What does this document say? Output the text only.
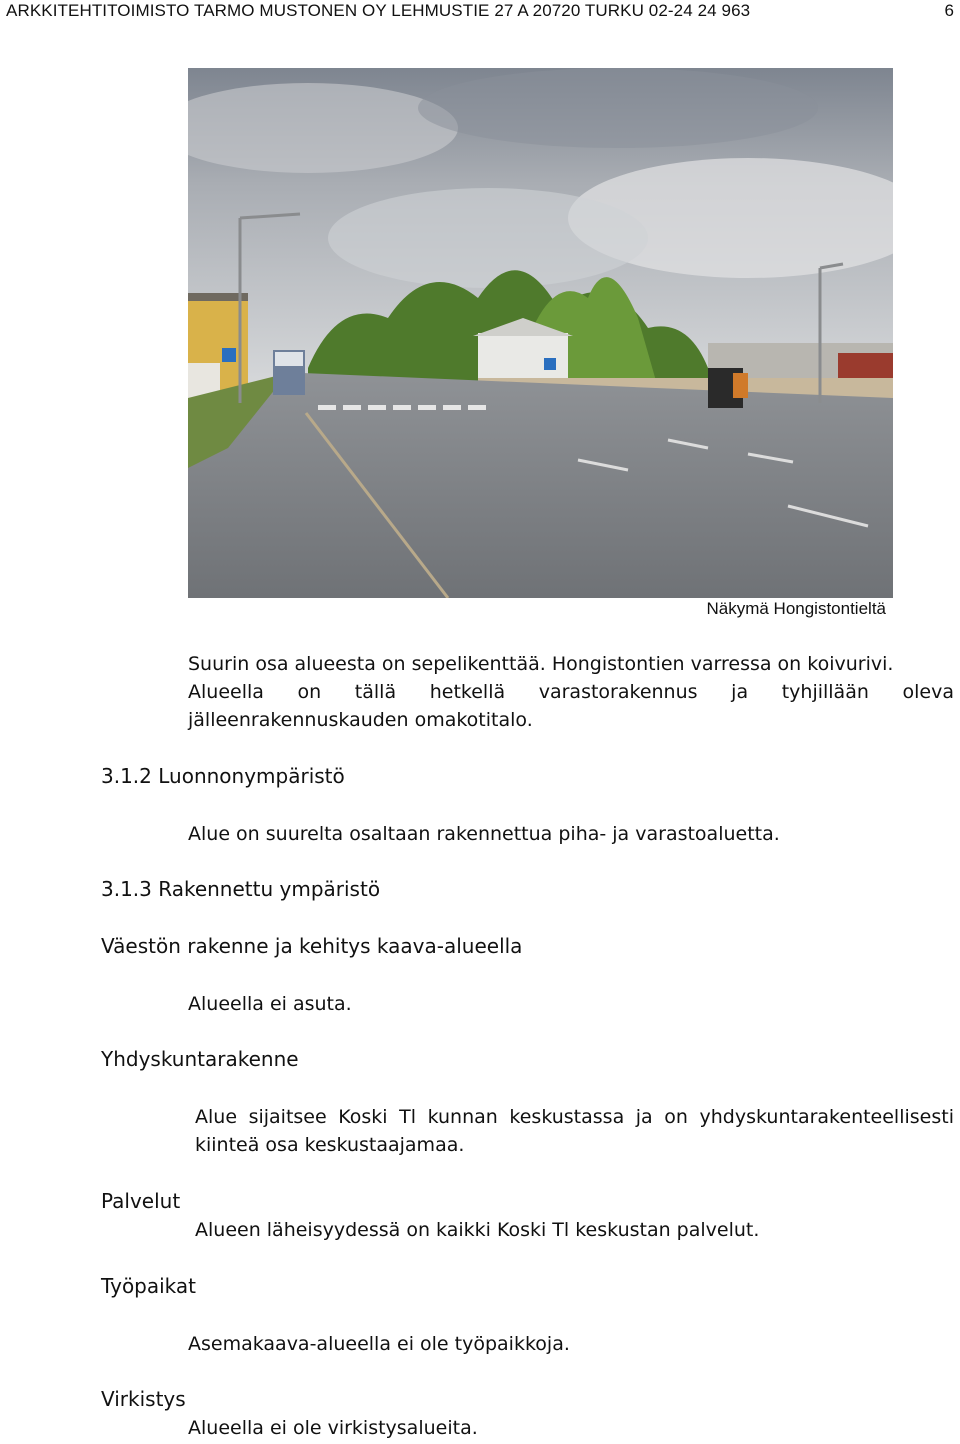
ARKKITEHTITOIMISTO TARMO MUSTONEN OY LEHMUSTIE 27 A 20720 TURKU 02-24 24 963	6
Näkymä Hongistontieltä
Suurin osa alueesta on sepelikenttää. Hongistontien varressa on koivurivi.
Alueella on tällä hetkellä varastorakennus ja tyhjillään oleva
jälleenrakennuskauden omakotitalo.
3.1.2 Luonnonympäristö
Alue on suurelta osaltaan rakennettua piha- ja varastoaluetta.
3.1.3 Rakennettu ympäristö
Väestön rakenne ja kehitys kaava-alueella
Alueella ei asuta.
Yhdyskuntarakenne
Alue sijaitsee Koski Tl kunnan keskustassa ja on yhdyskuntarakenteellisesti
kiinteä osa keskustaajamaa.
Palvelut
Alueen läheisyydessä on kaikki Koski Tl keskustan palvelut.
Työpaikat
Asemakaava-alueella ei ole työpaikkoja.
Virkistys
Alueella ei ole virkistysalueita.
